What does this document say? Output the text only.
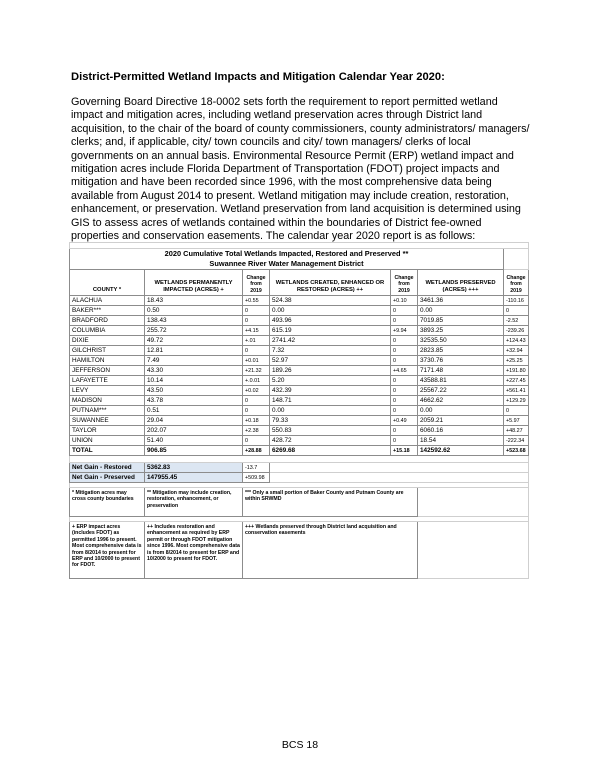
District-Permitted Wetland Impacts and Mitigation Calendar Year 2020:
Governing Board Directive 18-0002 sets forth the requirement to report permitted wetland
impact and mitigation acres, including wetland preservation acres through District land
acquisition, to the chair of the board of county commissioners, county administrators/ managers/
clerks; and, if applicable, city/ town councils and city/ town managers/ clerks of local
governments on an annual basis. Environmental Resource Permit (ERP) wetland impact and
mitigation acres include Florida Department of Transportation (FDOT) project impacts and
mitigation and have been recorded since 1996, with the most comprehensive data being
available from August 2014 to present. Wetland mitigation may include creation, restoration,
enhancement, or preservation. Wetland preservation from land acquisition is determined using
GIS to assess acres of wetlands contained within the boundaries of District fee-owned
properties and conservation easements. The calendar year 2020 report is as follows:

2020 Cumulative Total Wetlands Impacted, Restored and Preserved **						
Suwannee River Water Management District						
COUNTY *	WETLANDS PERMANENTLY IMPACTED (ACRES) +	Change from 2019	WETLANDS CREATED, ENHANCED OR RESTORED (ACRES) ++	Change from 2019	WETLANDS PRESERVED (ACRES) +++	Change from 2019
ALACHUA	18.43	+0.55	524.38	+0.10	3461.36	-110.16
BAKER***	0.50	0	0.00	0	0.00	0
BRADFORD	138.43	0	493.96	0	7019.85	-2.52
COLUMBIA	255.72	+4.15	615.19	+9.94	3893.25	-239.26
DIXIE	49.72	+.01	2741.42	0	32535.50	+124.43
GILCHRIST	12.81	0	7.32	0	2823.85	+32.94
HAMILTON	7.49	+0.01	52.97	0	3730.76	+25.25
JEFFERSON	43.30	+21.32	189.26	+4.65	7171.48	+191.80
LAFAYETTE	10.14	+.0.01	5.20	0	43588.81	+227.45
LEVY	43.50	+0.02	432.39	0	25567.22	+561.41
MADISON	43.78	0	148.71	0	4662.62	+129.29
PUTNAM***	0.51	0	0.00	0	0.00	0
SUWANNEE	29.04	+0.18	79.33	+0.49	2059.21	+5.97
TAYLOR	202.07	+2.38	550.83	0	6060.16	+48.27
UNION	51.40	0	428.72	0	18.54	-222.34
TOTAL	906.85	+28.88	6269.68	+15.18	142592.62	+523.68

Net Gain - Restored	5362.83	-13.7				
Net Gain - Preserved	147955.45	+509.98				

* Mitigation acres may cross county boundaries	** Mitigation may include creation, restoration, enhancement, or preservation	*** Only a small portion of Baker County and Putnam County are within SRWMD				

+ ERP impact acres (includes FDOT) as permitted 1996 to present. Most comprehensive data is from 8/2014 to present for ERP and 10/2000 to present for FDOT.	++ Includes restoration and enhancement as required by ERP permit or through FDOT mitigation since 1996. Most comprehensive data is from 8/2014 to present for ERP and 10/2000 to present for FDOT.	+++ Wetlands preserved through District land acquisition and conservation easements				
BCS 18
